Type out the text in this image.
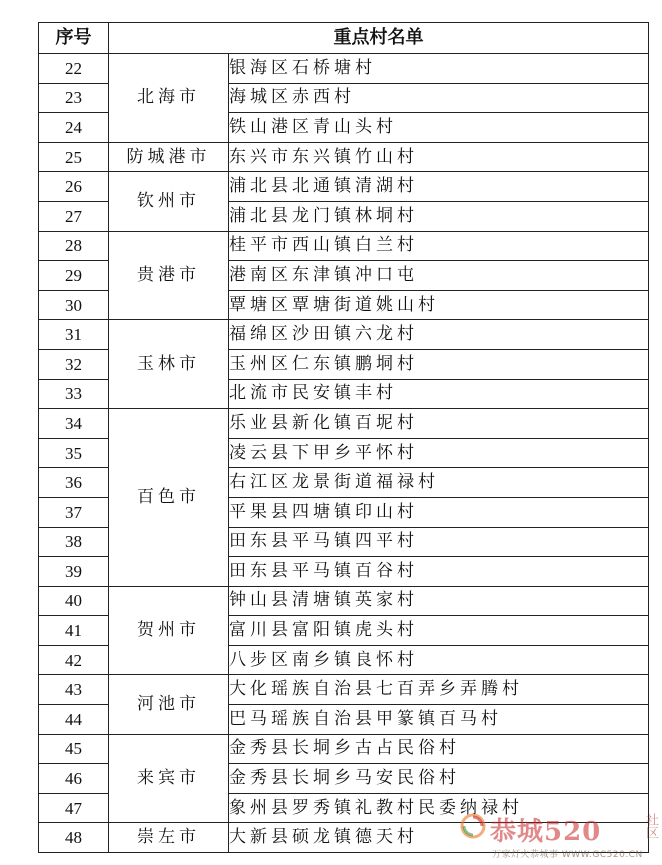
序号	重点村名单	
22	北海市	银海区石桥塘村
23		海城区赤西村
24		铁山港区青山头村
25	防城港市	东兴市东兴镇竹山村
26	钦州市	浦北县北通镇清湖村
27		浦北县龙门镇林垌村
28	贵港市	桂平市西山镇白兰村
29		港南区东津镇冲口屯
30		覃塘区覃塘街道姚山村
31	玉林市	福绵区沙田镇六龙村
32		玉州区仁东镇鹏垌村
33		北流市民安镇丰村
34	百色市	乐业县新化镇百坭村
35		凌云县下甲乡平怀村
36		右江区龙景街道福禄村
37		平果县四塘镇印山村
38		田东县平马镇四平村
39		田东县平马镇百谷村
40	贺州市	钟山县清塘镇英家村
41		富川县富阳镇虎头村
42		八步区南乡镇良怀村
43	河池市	大化瑶族自治县七百弄乡弄腾村
44		巴马瑶族自治县甲篆镇百马村
45	来宾市	金秀县长垌乡古占民俗村
46		金秀县长垌乡马安民俗村
47		象州县罗秀镇礼教村民委纳禄村
48	崇左市	大新县硕龙镇德天村	恭城520	社区
万家灯火恭城事 WWW.GC520.CN
